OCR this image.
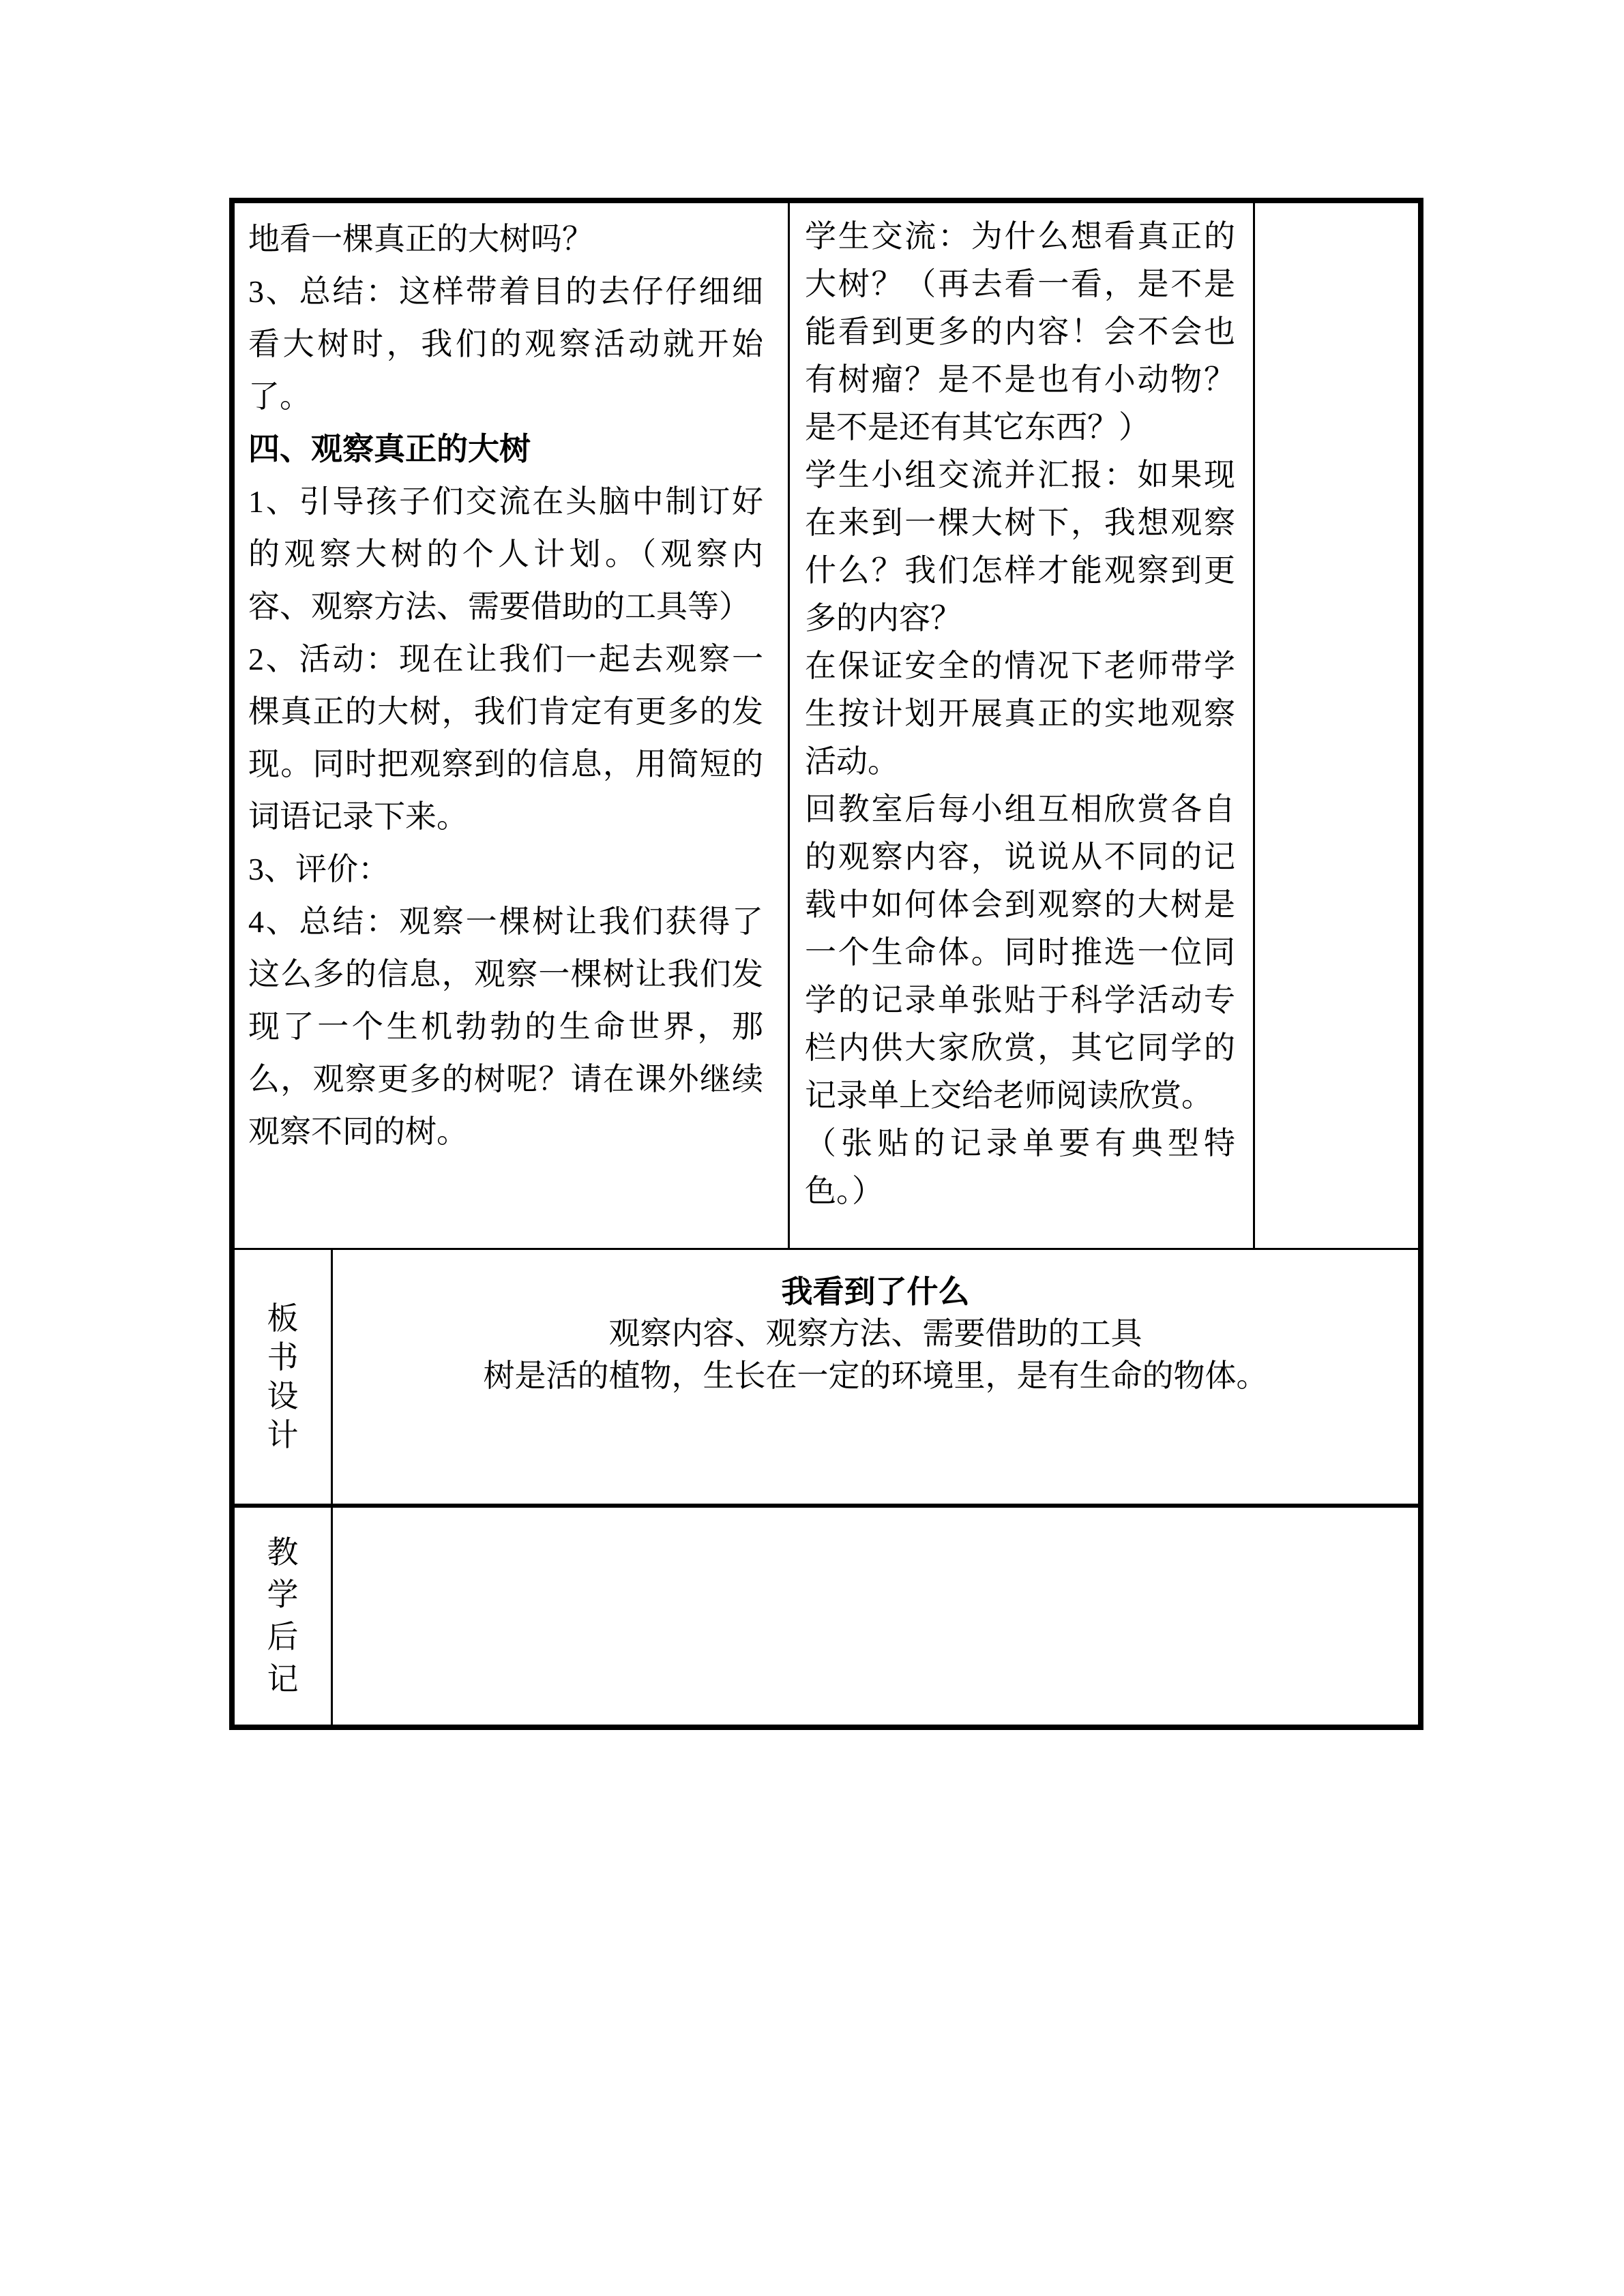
地看一棵真正的大树吗？
3、总结：这样带着目的去仔仔细细
看大树时，我们的观察活动就开始
了。
四、观察真正的大树
1、引导孩子们交流在头脑中制订好
的观察大树的个人计划。（观察内
容、观察方法、需要借助的工具等）
2、活动：现在让我们一起去观察一
棵真正的大树，我们肯定有更多的发
现。同时把观察到的信息，用简短的
词语记录下来。
3、评价：
4、总结：观察一棵树让我们获得了
这么多的信息，观察一棵树让我们发
现了一个生机勃勃的生命世界，那
么，观察更多的树呢？请在课外继续
观察不同的树。
学生交流：为什么想看真正的
大树？（再去看一看，是不是
能看到更多的内容！会不会也
有树瘤？是不是也有小动物？
是不是还有其它东西？）
学生小组交流并汇报：如果现
在来到一棵大树下，我想观察
什么？我们怎样才能观察到更
多的内容？
在保证安全的情况下老师带学
生按计划开展真正的实地观察
活动。
回教室后每小组互相欣赏各自
的观察内容，说说从不同的记
载中如何体会到观察的大树是
一个生命体。同时推选一位同
学的记录单张贴于科学活动专
栏内供大家欣赏，其它同学的
记录单上交给老师阅读欣赏。
（张贴的记录单要有典型特
色。）
板
书
设
计
我看到了什么
观察内容、观察方法、需要借助的工具
树是活的植物，生长在一定的环境里，是有生命的物体。
教
学
后
记
